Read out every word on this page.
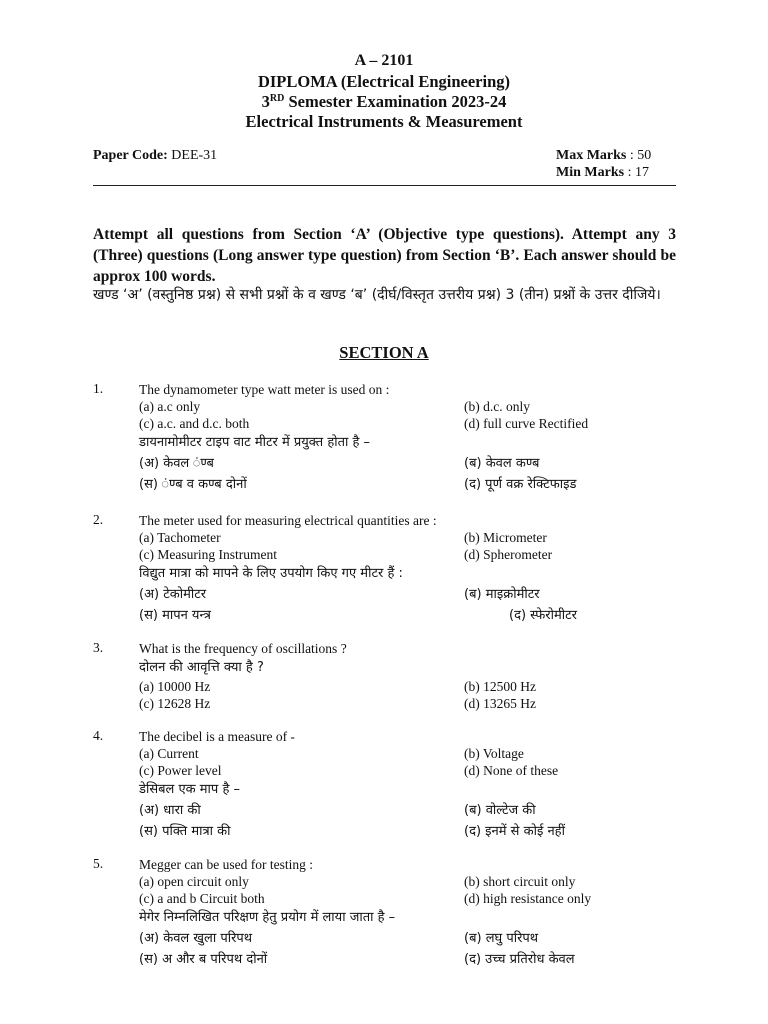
A – 2101
DIPLOMA (Electrical Engineering)
3RD Semester Examination 2023-24
Electrical Instruments & Measurement
Paper Code: DEE-31	Max Marks : 50
Min Marks : 17
Attempt all questions from Section ‘A’ (Objective type questions). Attempt any 3 (Three) questions (Long answer type question) from Section ‘B’. Each answer should be approx 100 words.
खण्ड ‘अ’ (वस्तुनिष्ठ प्रश्न) से सभी प्रश्नों के व खण्ड ‘ब’ (दीर्घ/विस्तृत उत्तरीय प्रश्न) 3 (तीन) प्रश्नों के उत्तर दीजिये।
SECTION A
1.	The dynamometer type watt meter is used on :
(a) a.c only	(b) d.c. only
(c) a.c. and d.c. both	(d) full curve Rectified
डायनामोमीटर टाइप वाट मीटर में प्रयुक्त होता है –
(अ) केवल ंण्ब	(ब) केवल कण्ब
(स) ंण्ब व कण्ब दोनों	(द) पूर्ण वक्र रेक्टिफाइड
2.	The meter used for measuring electrical quantities are :
(a) Tachometer	(b) Micrometer
(c) Measuring Instrument	(d) Spherometer
विद्युत मात्रा को मापने के लिए उपयोग किए गए मीटर हैं :
(अ) टेकोमीटर	(ब) माइक्रोमीटर
(स) मापन यन्त्र	(द) स्फेरोमीटर
3.	What is the frequency of oscillations ?
दोलन की आवृत्ति क्या है ?
(a) 10000 Hz	(b) 12500 Hz
(c) 12628 Hz	(d) 13265 Hz
4.	The decibel is a measure of -
(a) Current	(b) Voltage
(c) Power level	(d) None of these
डेसिबल एक माप है –
(अ) धारा की	(ब) वोल्टेज की
(स) पक्ति मात्रा की	(द) इनमें से कोई नहीं
5.	Megger can be used for testing :
(a) open circuit only	(b) short circuit only
(c) a and b Circuit both	(d) high resistance only
मेगेर निम्नलिखित परिक्षण हेतु प्रयोग में लाया जाता है –
(अ) केवल खुला परिपथ	(ब) लघु परिपथ
(स) अ और ब परिपथ दोनों	(द) उच्च प्रतिरोध केवल
